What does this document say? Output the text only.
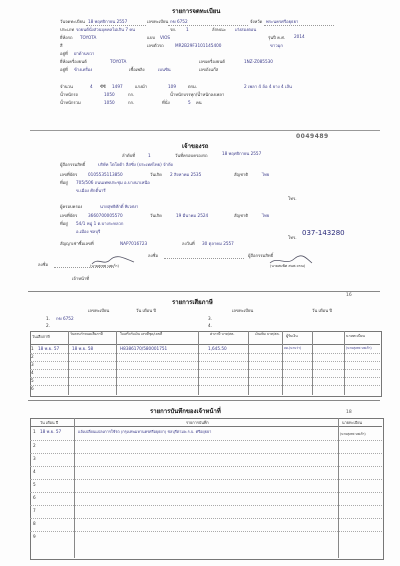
รายการจดทะเบียน
วันจดทะเบียน 18 พฤศจิกายน 2557	เลขทะเบียน กฆ 6752	จังหวัด พระนครศรีอยุธยา
ประเภท รถยนต์นั่งส่วนบุคคลไม่เกิน 7 คน	รย. 1	ลักษณะ เก๋งสองตอน
ยี่ห้อรถ TOYOTA	แบบ VIOS	รุ่นปี ค.ศ. 2014
สี	ขาวมุก
เลขตัวรถ	MR2B29F3101145400
อยู่ที่ ฝาด้านขวา
ยี่ห้อเครื่องยนต์	TOYOTA	เลขเครื่องยนต์	1NZ-Z085530
อยู่ที่ ข้างเครื่อง	เชื้อเพลิง	เบนซิน	เลขถังแก๊ส
จำนวน	4 ซีซี 1497	แรงม้า	109	ตรม.	2 เพลา 4 ล้อ 4 ยาง 4 เส้น
น้ำหนักรถ	1050	กก.	น้ำหนักบรรทุก/น้ำหนักลงเพลา
น้ำหนักรวม	1050	กก.	ที่นั่ง	5 คน
0049489
เจ้าของรถ
ลำดับที่	1	วันที่ครอบครองรถ	18 พฤศจิกายน 2557
ผู้ถือกรรมสิทธิ์	บริษัท โตโยต้า ลีสซิ่ง (ประเทศไทย) จำกัด
เลขที่บัตร	0105535113850	วันเกิด 2 สิงหาคม 2535	สัญชาติ	ไทย
ที่อยู่ 705/506 ถนนเทพประชุม อ.บางนาเหนือ
ข.เมือง ศักดิ์นารี
โทร.
ผู้ครอบครอง	นายสุทธิศักดิ์ พิเวศงา
เลขที่บัตร	3660700005570	วันเกิด	19 มีนาคม 2524	สัญชาติ	ไทย
ที่อยู่ 54/1 หมู่ 1 ต.บางระหลวก
อ.เมือง ชลบุรี
โทร.
037-143280
สัญญาเช่าซื้อเลขที่	NAP7016723	ลงวันที่ 30 ตุลาคม 2557
ลงชื่อ	ผู้ถือกรรมสิทธิ์
ลงชื่อ
เจ้าหน้าที่
(นายสุเทพ นพเก้า)	(นายสมพิศ สนพ.จรณ)
16
รายการเสียภาษี
เลขทะเบียน	วัน เดือน ปี	เลขทะเบียน	วัน เดือน ปี
1. กฆ 6752
2.
3.
4.
วันเสียภาษี	วันครบกำหนดเสียภาษี	ใบเสร็จรับเงิน เลขที่ชุด/เลขที่	ค่าภาษี บาท/สต.	เงินเพิ่ม บาท/สต.	ผู้รับเงิน	นายทะเบียน
1 18 พ.ย. 57	18 พ.ย. 58	H8386170/580001751	1,645.50	ลด.(นามว่า)	(นายสุเทพ นพเก้า)
2
3
4
5
6
18
รายการบันทึกของเจ้าหน้าที่
วัน เดือน ปี	รายการบันทึก	นายทะเบียน
1 18 พ.ย. 57	แจ้งเปลี่ยนแปลงการใช้รถ (กรุงเทพมหานครศรีอยุธยา) ชลบุรีตามพ.ร.บ. ศรีอยุธยา	(นายสุเทพ นพเก้า)
2
3
4
5
6
7
8
9
